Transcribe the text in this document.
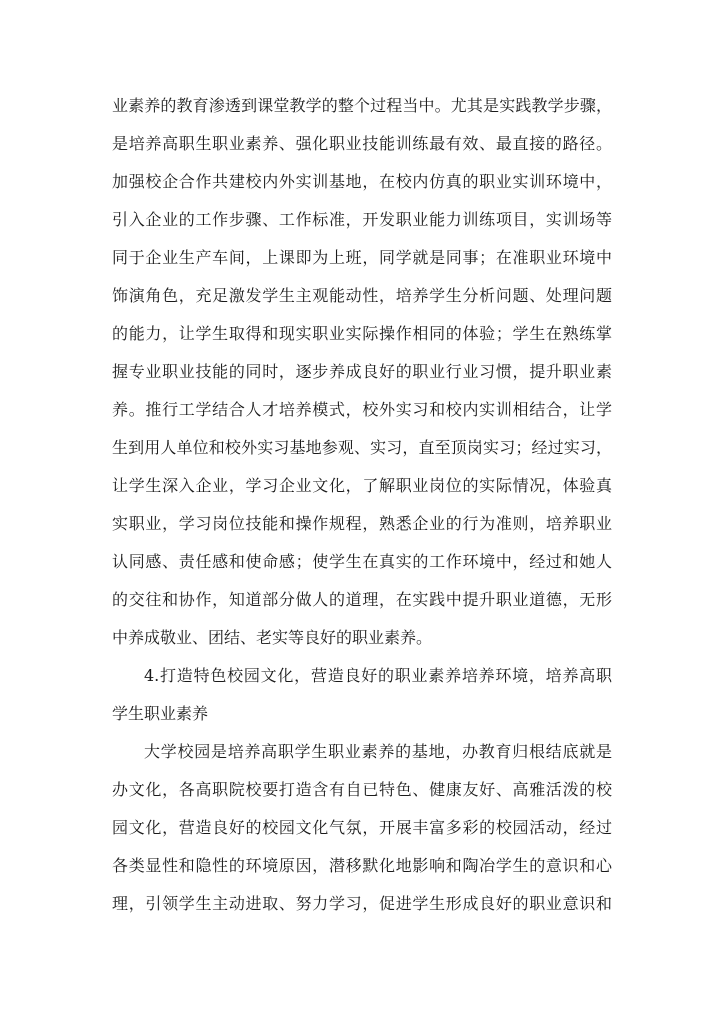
业素养的教育渗透到课堂教学的整个过程当中。尤其是实践教学步骤，
是培养高职生职业素养、强化职业技能训练最有效、最直接的路径。
加强校企合作共建校内外实训基地，在校内仿真的职业实训环境中，
引入企业的工作步骤、工作标准，开发职业能力训练项目，实训场等
同于企业生产车间，上课即为上班，同学就是同事；在准职业环境中
饰演角色，充足激发学生主观能动性，培养学生分析问题、处理问题
的能力，让学生取得和现实职业实际操作相同的体验；学生在熟练掌
握专业职业技能的同时，逐步养成良好的职业行业习惯，提升职业素
养。推行工学结合人才培养模式，校外实习和校内实训相结合，让学
生到用人单位和校外实习基地参观、实习，直至顶岗实习；经过实习，
让学生深入企业，学习企业文化，了解职业岗位的实际情况，体验真
实职业，学习岗位技能和操作规程，熟悉企业的行为准则，培养职业
认同感、责任感和使命感；使学生在真实的工作环境中，经过和她人
的交往和协作，知道部分做人的道理，在实践中提升职业道德，无形
中养成敬业、团结、老实等良好的职业素养。
4.打造特色校园文化，营造良好的职业素养培养环境，培养高职
学生职业素养
大学校园是培养高职学生职业素养的基地，办教育归根结底就是
办文化，各高职院校要打造含有自已特色、健康友好、高雅活泼的校
园文化，营造良好的校园文化气氛，开展丰富多彩的校园活动，经过
各类显性和隐性的环境原因，潜移默化地影响和陶冶学生的意识和心
理，引领学生主动进取、努力学习，促进学生形成良好的职业意识和
